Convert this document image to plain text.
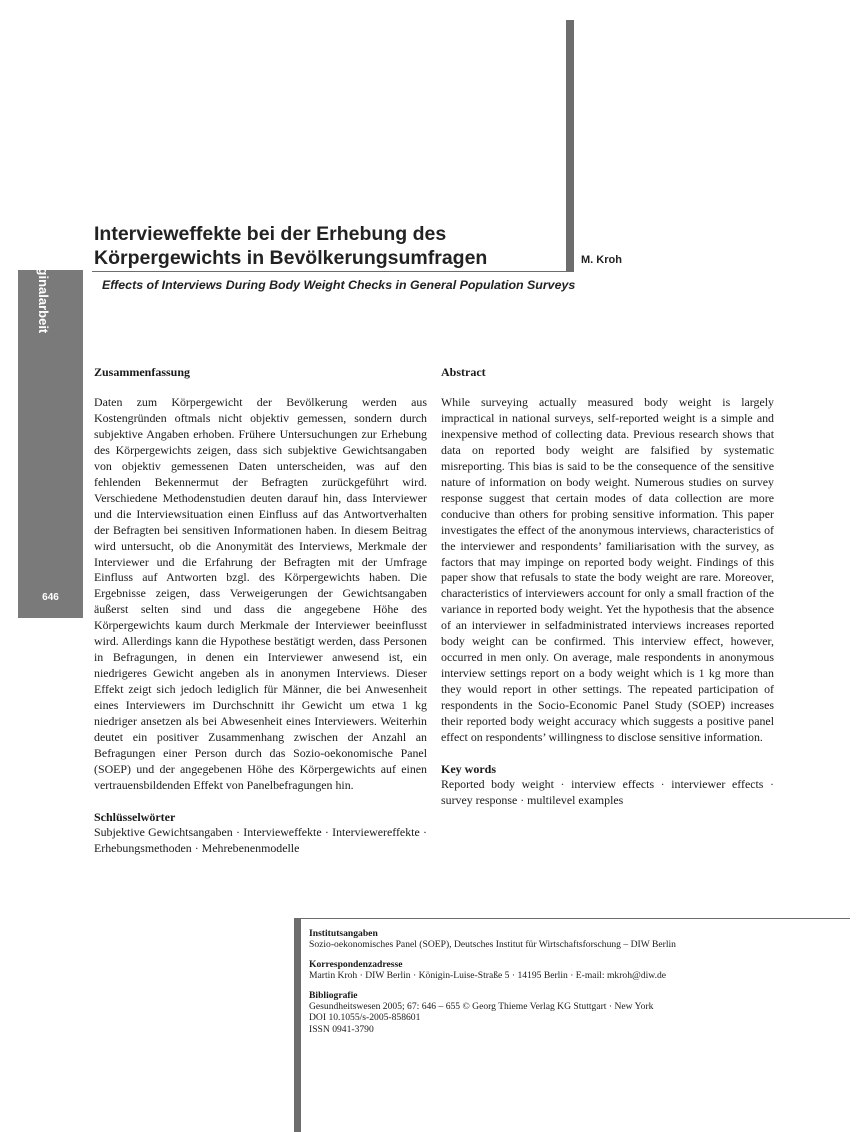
Originalarbeit
646
Intervieweffekte bei der Erhebung des
Körpergewichts in Bevölkerungsumfragen	M. Kroh
Effects of Interviews During Body Weight Checks in General Population Surveys
Zusammenfassung

Daten zum Körpergewicht der Bevölkerung werden aus Kostengründen oftmals nicht objektiv gemessen, sondern durch subjektive Angaben erhoben. Frühere Untersuchungen zur Erhebung des Körpergewichts zeigen, dass sich subjektive Gewichtsangaben von objektiv gemessenen Daten unterscheiden, was auf den fehlenden Bekennermut der Befragten zurückgeführt wird. Verschiedene Methodenstudien deuten darauf hin, dass Interviewer und die Interviewsituation einen Einfluss auf das Antwortverhalten der Befragten bei sensitiven Informationen haben. In diesem Beitrag wird untersucht, ob die Anonymität des Interviews, Merkmale der Interviewer und die Erfahrung der Befragten mit der Umfrage Einfluss auf Antworten bzgl. des Körpergewichts haben. Die Ergebnisse zeigen, dass Verweigerungen der Gewichtsangaben äußerst selten sind und dass die angegebene Höhe des Körpergewichts kaum durch Merkmale der Interviewer beeinflusst wird. Allerdings kann die Hypothese bestätigt werden, dass Personen in Befragungen, in denen ein Interviewer anwesend ist, ein niedrigeres Gewicht angeben als in anonymen Interviews. Dieser Effekt zeigt sich jedoch lediglich für Männer, die bei Anwesenheit eines Interviewers im Durchschnitt ihr Gewicht um etwa 1 kg niedriger ansetzen als bei Abwesenheit eines Interviewers. Weiterhin deutet ein positiver Zusammenhang zwischen der Anzahl an Befragungen einer Person durch das Sozio-oekonomische Panel (SOEP) und der angegebenen Höhe des Körpergewichts auf einen vertrauensbildenden Effekt von Panelbefragungen hin.

Schlüsselwörter

Subjektive Gewichtsangaben · Intervieweffekte · Interviewereffekte · Erhebungsmethoden · Mehrebenenmodelle

Abstract

While surveying actually measured body weight is largely impractical in national surveys, self-reported weight is a simple and inexpensive method of collecting data. Previous research shows that data on reported body weight are falsified by systematic misreporting. This bias is said to be the consequence of the sensitive nature of information on body weight. Numerous studies on survey response suggest that certain modes of data collection are more conducive than others for probing sensitive information. This paper investigates the effect of the anonymous interviews, characteristics of the interviewer and respondents’ familiarisation with the survey, as factors that may impinge on reported body weight. Findings of this paper show that refusals to state the body weight are rare. Moreover, characteristics of interviewers account for only a small fraction of the variance in reported body weight. Yet the hypothesis that the absence of an interviewer in selfadministrated interviews increases reported body weight can be confirmed. This interview effect, however, occurred in men only. On average, male respondents in anonymous interview settings report on a body weight which is 1 kg more than they would report in other settings. The repeated participation of respondents in the Socio-Economic Panel Study (SOEP) increases their reported body weight accuracy which suggests a positive panel effect on respondents’ willingness to disclose sensitive information.

Key words

Reported body weight · interview effects · interviewer effects · survey response · multilevel examples

Institutsangaben
Sozio-oekonomisches Panel (SOEP), Deutsches Institut für Wirtschaftsforschung – DIW Berlin
Korrespondenzadresse
Martin Kroh · DIW Berlin · Königin-Luise-Straße 5 · 14195 Berlin · E-mail: mkroh@diw.de
Bibliografie
Gesundheitswesen 2005; 67: 646 – 655 © Georg Thieme Verlag KG Stuttgart · New York
DOI 10.1055/s-2005-858601
ISSN 0941-3790
